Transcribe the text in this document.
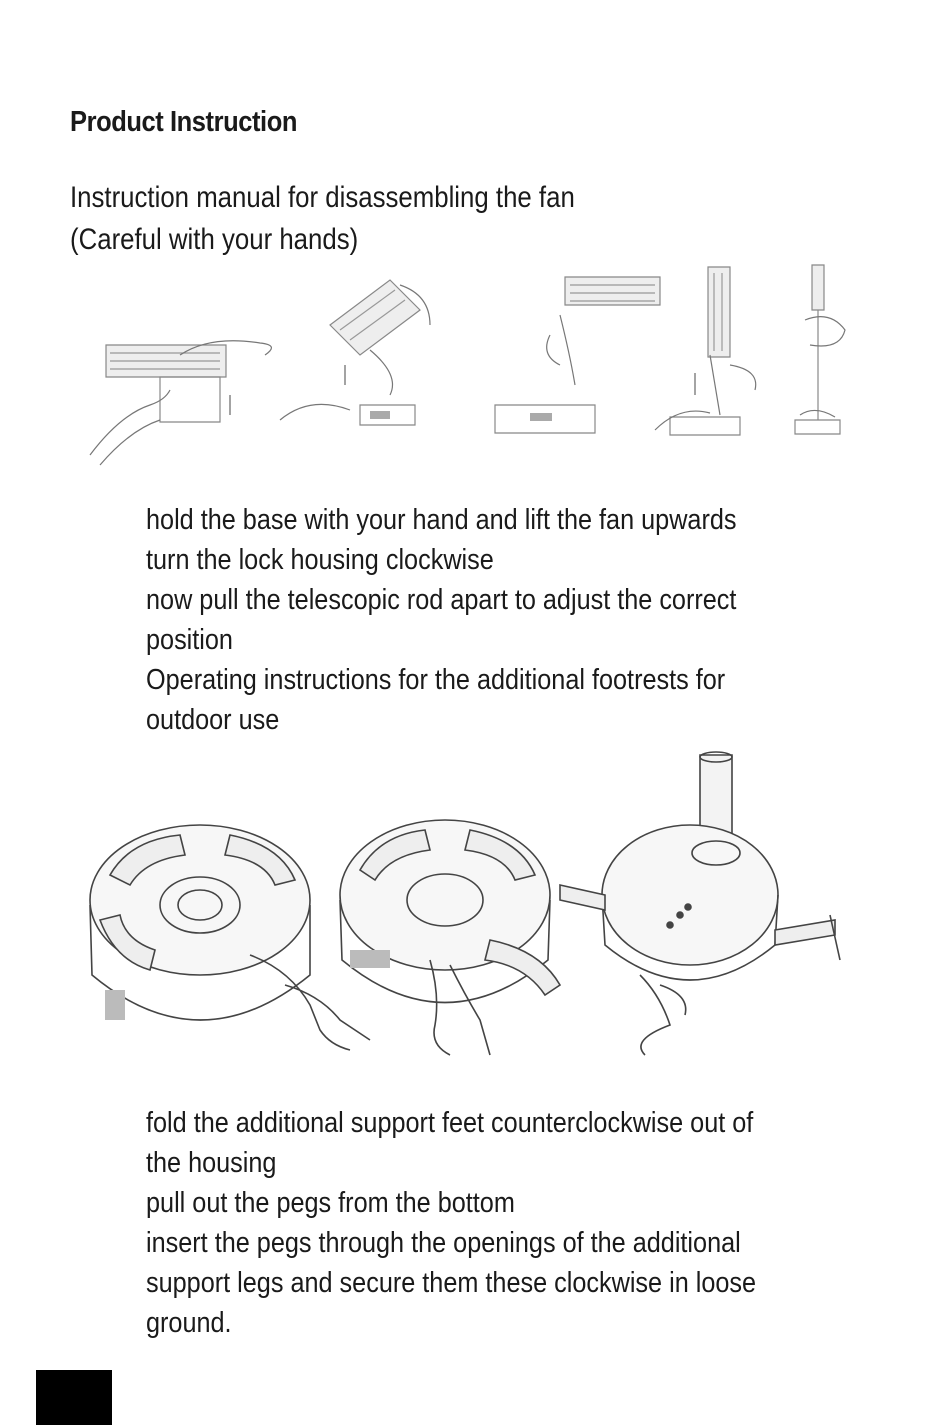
Product Instruction
Instruction manual for disassembling the fan
(Careful with your hands)
hold the base with your hand and lift the fan upwards
turn the lock housing clockwise
now pull the telescopic rod apart to adjust the correct
position
Operating instructions for the additional footrests for
outdoor use
fold the additional support feet counterclockwise out of
the housing
pull out the pegs from the bottom
insert the pegs through the openings of the additional
support legs and secure them these clockwise in loose
ground.
